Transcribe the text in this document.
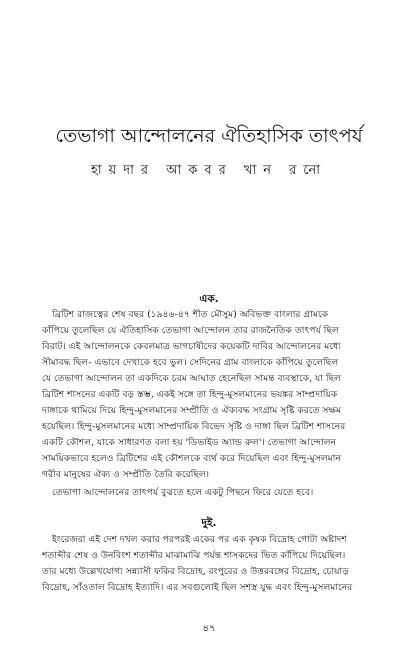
তেভাগা আন্দোলনের ঐতিহাসিক তাৎপর্য
হায়দার আকবর খান রনো
এক.
ব্রিটিশ রাজত্বের শেষ বছর (১৯৪৬-৪৭ শীত মৌসুম) অবিভক্ত বাংলার গ্রামকে
কাঁপিয়ে তুলেছিল যে ঐতিহাসিক তেভাগা আন্দোলন তার রাজনৈতিক তাৎপর্য ছিল
বিরাট। এই আন্দোলনকে কেবলমাত্র ভাগচাষীদের কয়েকটি দাবির আন্দোলনের মধ্যে
সীমাবদ্ধ ছিল- এভাবে দেখাকে হবে ভুল। সেদিনের গ্রাম বাংলাকে কাঁপিয়ে তুলেছিল
যে তেভাগা আন্দোলন তা একদিকে চরম আঘাত হেনেছিল সামন্ত ব্যবস্থাকে, যা ছিল
ব্রিটিশ শাসনের একটি বড় স্তম্ভ, একই সঙ্গে তা হিন্দু-মুসলমানের ভয়ঙ্কর সাম্প্রদায়িক
দাঙ্গাকে থামিয়ে দিয়ে হিন্দু-মুসলমানের সম্প্রীতি ও ঐক্যবদ্ধ সংগ্রাম সৃষ্টি করতে সক্ষম
হয়েছিল। হিন্দু-মুসলমানের মধ্যে সাম্প্রদায়িক বিভেদ সৃষ্টি ও দাঙ্গা ছিল ব্রিটিশ শাসনের
একটি কৌশল, যাকে সাধারণত বলা হয় 'ডিভাইড অ্যান্ড রুল'। তেভাগা আন্দোলন
সাময়িকভাবে হলেও ব্রিটিশের এই কৌশলকে ব্যর্থ করে দিয়েছিল এবং হিন্দু-মুসলমান
গরীব মানুষের ঐক্য ও সম্প্রীতি তৈরি করেছিল।
তেভাগা আন্দোলনের তাৎপর্য বুঝতে হলে একটু পিছনে ফিরে যেতে হবে।
দুই.
ইংরেজরা এই দেশ দখল করার পরপরই একের পর এক কৃষক বিদ্রোহ গোটা অষ্টাদশ
শতাব্দীর শেষ ও উনবিংশ শতাব্দীর মাঝামাঝি পর্যন্ত শাসকদের ভিত কাঁপিয়ে দিয়েছিল।
তার মধ্যে উল্লেখযোগ্য সন্ন্যাসী ফকির বিদ্রোহ, রংপুরের ও উত্তরবঙ্গের বিদ্রোহ, চোয়াড়
বিদ্রোহ, সাঁওতাল বিদ্রোহ ইত্যাদি। এর সবগুলোই ছিল সশস্ত্র যুদ্ধ এবং হিন্দু-মুসলমানের
৪৭
